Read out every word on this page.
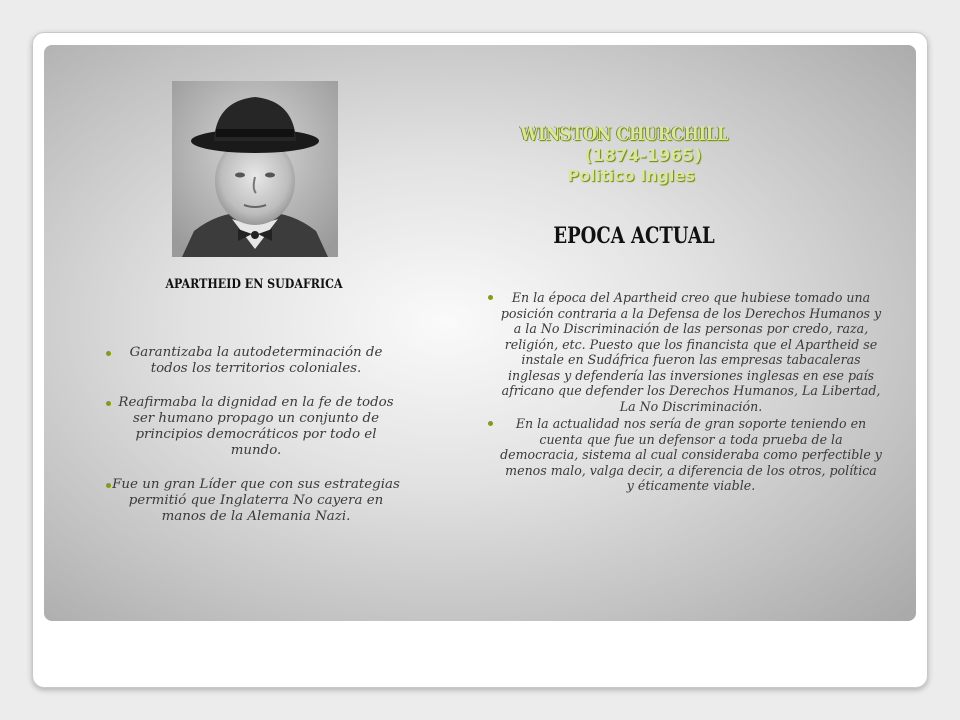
WINSTON CHURCHILL
(1874-1965)
Politico Ingles
EPOCA ACTUAL
APARTHEID EN SUDAFRICA
Garantizaba la autodeterminación de todos los territorios coloniales.
Reafirmaba la dignidad en la fe de todos ser humano propago un conjunto de principios democráticos por todo el mundo.
Fue un gran Líder que con sus estrategias permitió que Inglaterra No cayera en manos de la Alemania Nazi.
En la época del Apartheid creo que hubiese tomado una posición contraria a la Defensa de los Derechos Humanos y a la No Discriminación de las personas por credo, raza, religión, etc. Puesto que los financista que el Apartheid se instale en Sudáfrica fueron las empresas tabacaleras inglesas y defendería las inversiones inglesas en ese país africano que defender los Derechos Humanos, La Libertad, La No Discriminación.
En la actualidad nos sería de gran soporte teniendo en cuenta que fue un defensor a toda prueba de la democracia, sistema al cual consideraba como perfectible y menos malo, valga decir, a diferencia de los otros, política y éticamente viable.
